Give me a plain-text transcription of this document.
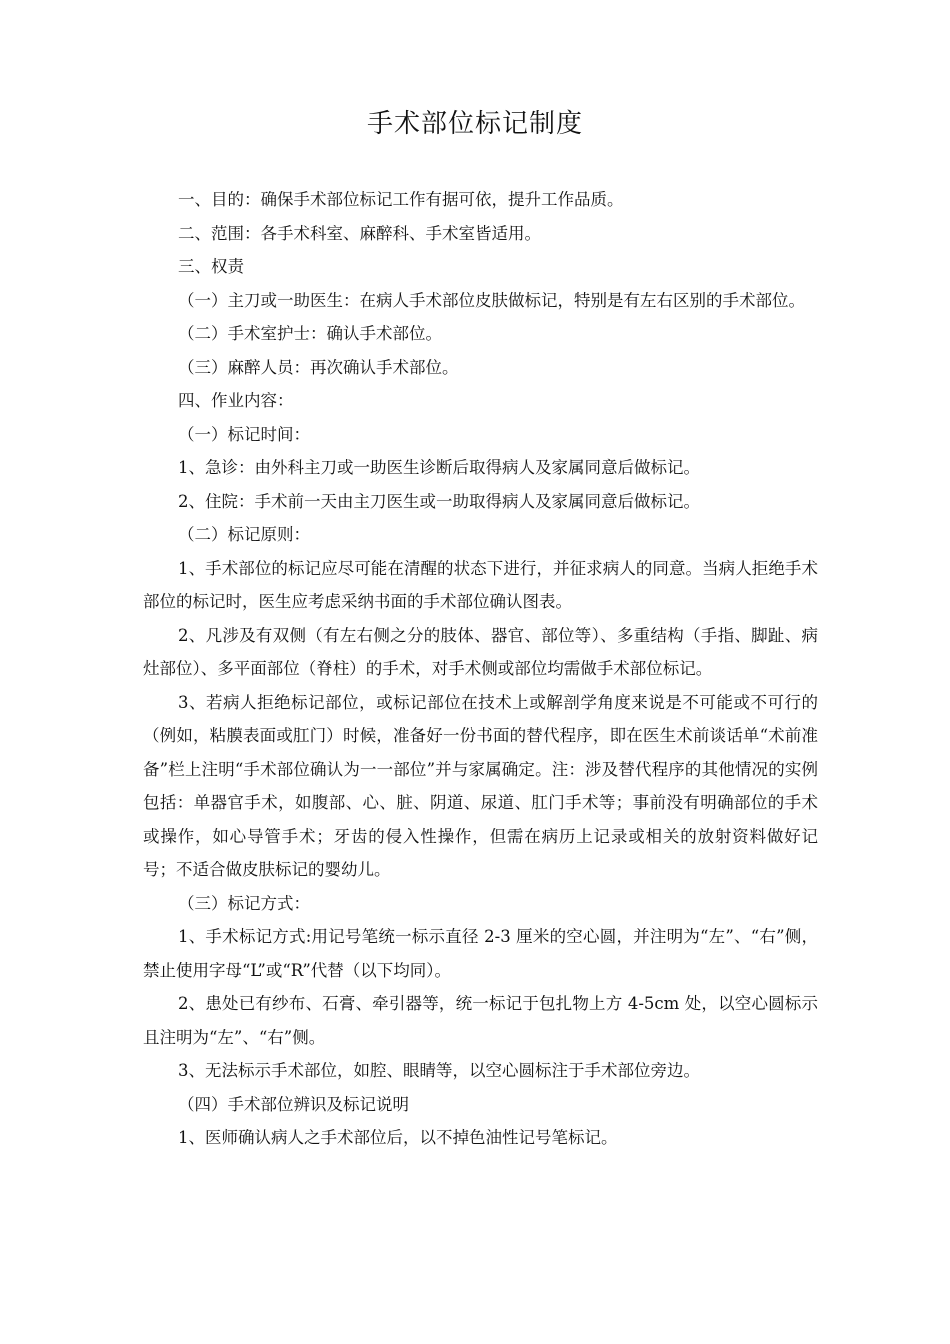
手术部位标记制度

一、目的：确保手术部位标记工作有据可依，提升工作品质。

二、范围：各手术科室、麻醉科、手术室皆适用。

三、权责

（一）主刀或一助医生：在病人手术部位皮肤做标记，特别是有左右区别的手术部位。

（二）手术室护士：确认手术部位。

（三）麻醉人员：再次确认手术部位。

四、作业内容：

（一）标记时间：

1、急诊：由外科主刀或一助医生诊断后取得病人及家属同意后做标记。

2、住院：手术前一天由主刀医生或一助取得病人及家属同意后做标记。

（二）标记原则：

1、手术部位的标记应尽可能在清醒的状态下进行，并征求病人的同意。当病人拒绝手术部位的标记时，医生应考虑采纳书面的手术部位确认图表。

2、凡涉及有双侧（有左右侧之分的肢体、器官、部位等）、多重结构（手指、脚趾、病灶部位）、多平面部位（脊柱）的手术，对手术侧或部位均需做手术部位标记。

3、若病人拒绝标记部位，或标记部位在技术上或解剖学角度来说是不可能或不可行的（例如，粘膜表面或肛门）时候，准备好一份书面的替代程序，即在医生术前谈话单“术前准备”栏上注明“手术部位确认为一一部位”并与家属确定。注：涉及替代程序的其他情况的实例包括：单器官手术，如腹部、心、脏、阴道、尿道、肛门手术等；事前没有明确部位的手术或操作，如心导管手术；牙齿的侵入性操作，但需在病历上记录或相关的放射资料做好记号；不适合做皮肤标记的婴幼儿。

（三）标记方式：

1、手术标记方式:用记号笔统一标示直径 2-3 厘米的空心圆，并注明为“左”、“右”侧，禁止使用字母“L”或“R”代替（以下均同）。

2、患处已有纱布、石膏、牵引器等，统一标记于包扎物上方 4-5cm 处，以空心圆标示且注明为“左”、“右”侧。

3、无法标示手术部位，如腔、眼睛等，以空心圆标注于手术部位旁边。

（四）手术部位辨识及标记说明

1、医师确认病人之手术部位后，以不掉色油性记号笔标记。
